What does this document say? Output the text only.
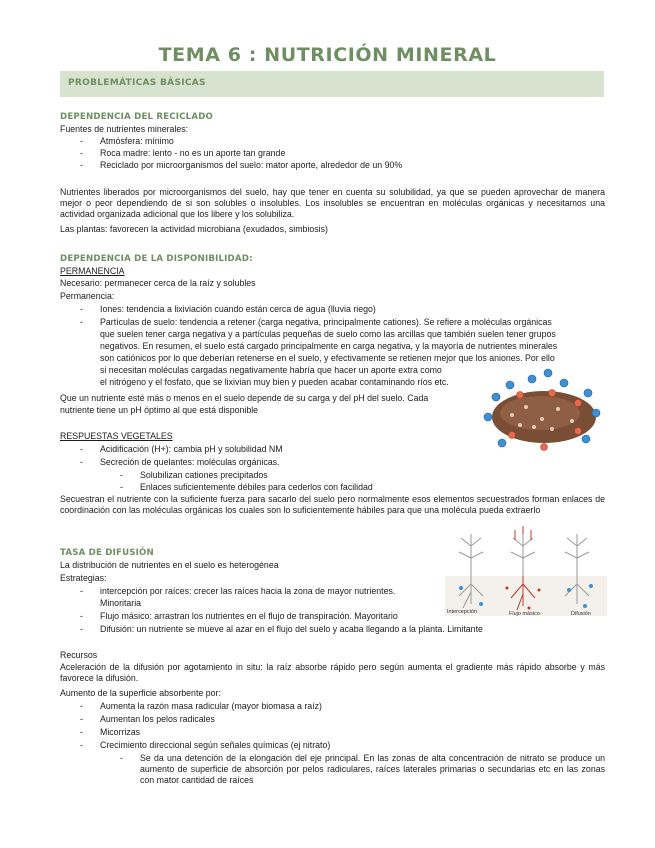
TEMA 6 : NUTRICIÓN MINERAL
PROBLEMÁTICAS BÁSICAS
DEPENDENCIA DEL RECICLADO
Fuentes de nutrientes minerales:
- Atmósfera: mínimo
- Roca madre: lento - no es un aporte tan grande
- Reciclado por microorganismos del suelo: mator aporte, alrededor de un 90%
Nutrientes liberados por microorganismos del suelo, hay que tener en cuenta su solubilidad, ya que se pueden aprovechar de manera mejor o peor dependiendo de si son solubles o insolubles. Los insolubles se encuentran en moléculas orgánicas y necesitamos una actividad organizada adicional que los libere y los solubiliza.
Las plantas: favorecen la actividad microbiana (exudados, simbiosis)
DEPENDENCIA DE LA DISPONIBILIDAD:
PERMANENCIA
Necesario: permanecer cerca de la raíz y solubles
Permanencia:
- Iones: tendencia a lixiviación cuando están cerca de agua (lluvia riego)
- Partículas de suelo: tendencia a retener (carga negativa, principalmente cationes). Se refiere a moléculas orgánicas
que suelen tener carga negativa y a partículas pequeñas de suelo como las arcillas que también suelen tener grupos
negativos. En resumen, el suelo está cargado principalmente en carga negativa, y la mayoría de nutrientes minerales
son catiónicos por lo que deberían retenerse en el suelo, y efectivamente se retienen mejor que los aniones. Por ello
si necesitan moléculas cargadas negativamente habría que hacer un aporte extra como
el nitrógeno y el fosfato, que se lixivian muy bien y pueden acabar contaminando ríos etc.
Que un nutriente esté más o menos en el suelo depende de su carga y del pH del suelo. Cada
nutriente tiene un pH óptimo al que está disponible
RESPUESTAS VEGETALES
- Acidificación (H+): cambia pH y solubilidad NM
- Secreción de quelantes: moléculas orgánicas.
- Solubilizan cationes precipitados
- Enlaces suficientemente débiles para cederlos con facilidad
Secuestran el nutriente con la suficiente fuerza para sacarlo del suelo pero normalmente esos elementos secuestrados forman enlaces de coordinación con las moléculas orgánicas los cuales son lo suficientemente hábiles para que una molécula pueda extraerlo
TASA DE DIFUSIÓN
La distribución de nutrientes en el suelo es heterogénea
Estrategias:
- intercepción por raíces: crecer las raíces hacia la zona de mayor nutrientes.
Minoritaria
- Flujo másico: arrastran los nutrientes en el flujo de transpiración. Mayoritario
- Difusión: un nutriente se mueve al azar en el flujo del suelo y acaba llegando a la planta. Limitante
Intercepción	Flujo másico	Difusión
Recursos
Aceleración de la difusión por agotamiento in situ: la raíz absorbe rápido pero según aumenta el gradiente más rápido absorbe y más favorece la difusión.
Aumento de la superficie absorbente por:
- Aumenta la razón masa radicular (mayor biomasa a raíz)
- Aumentan los pelos radicales
- Micorrizas
- Crecimiento direccional según señales químicas (ej nitrato)
- Se da una detención de la elongación del eje principal. En las zonas de alta concentración de nitrato se produce un aumento de superficie de absorción por pelos radiculares, raíces laterales primarias o secundarias etc en las zonas con mator cantidad de raíces
